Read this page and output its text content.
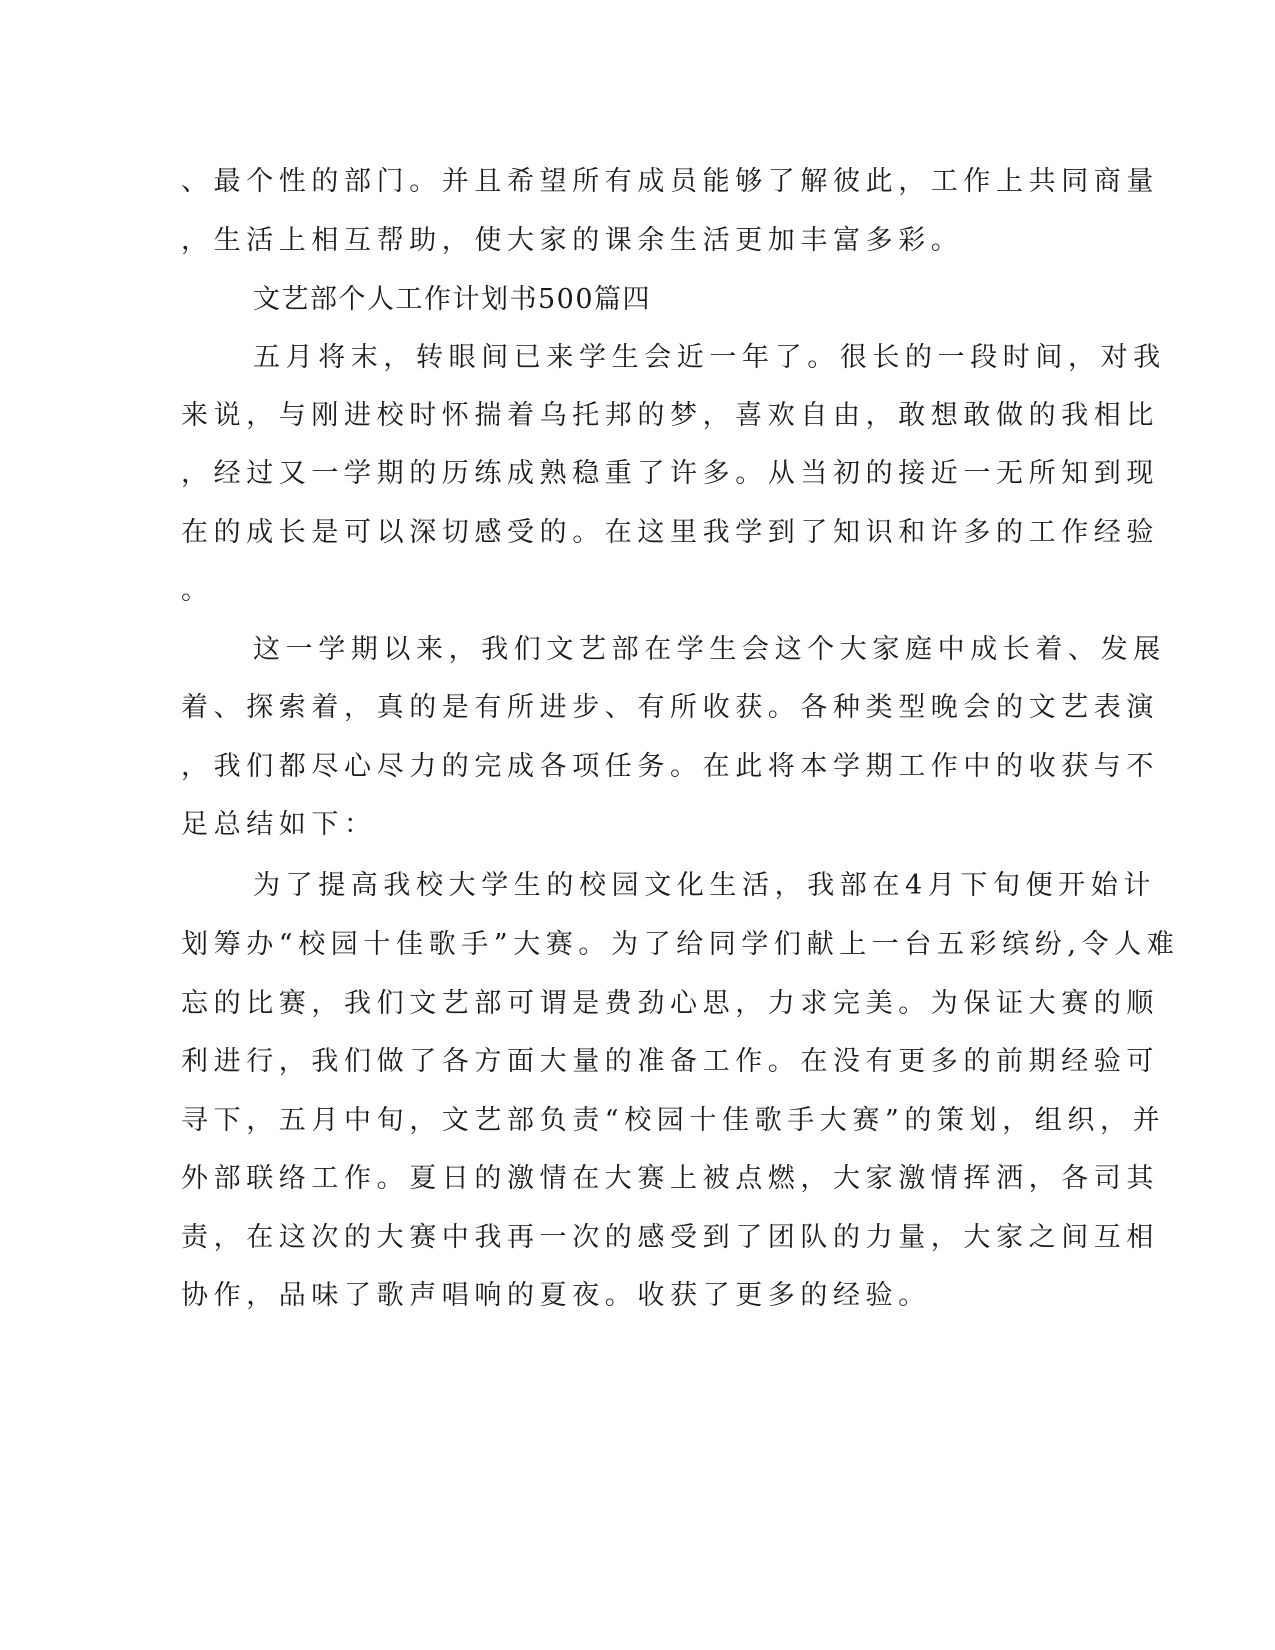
、最个性的部门。并且希望所有成员能够了解彼此，工作上共同商量
，生活上相互帮助，使大家的课余生活更加丰富多彩。
文艺部个人工作计划书500篇四
五月将末，转眼间已来学生会近一年了。很长的一段时间，对我
来说，与刚进校时怀揣着乌托邦的梦，喜欢自由，敢想敢做的我相比
，经过又一学期的历练成熟稳重了许多。从当初的接近一无所知到现
在的成长是可以深切感受的。在这里我学到了知识和许多的工作经验
。
这一学期以来，我们文艺部在学生会这个大家庭中成长着、发展
着、探索着，真的是有所进步、有所收获。各种类型晚会的文艺表演
，我们都尽心尽力的完成各项任务。在此将本学期工作中的收获与不
足总结如下：
为了提高我校大学生的校园文化生活，我部在4月下旬便开始计
划筹办“校园十佳歌手”大赛。为了给同学们献上一台五彩缤纷,令人难
忘的比赛，我们文艺部可谓是费劲心思，力求完美。为保证大赛的顺
利进行，我们做了各方面大量的准备工作。在没有更多的前期经验可
寻下，五月中旬，文艺部负责“校园十佳歌手大赛”的策划，组织，并
外部联络工作。夏日的激情在大赛上被点燃，大家激情挥洒，各司其
责，在这次的大赛中我再一次的感受到了团队的力量，大家之间互相
协作，品味了歌声唱响的夏夜。收获了更多的经验。
